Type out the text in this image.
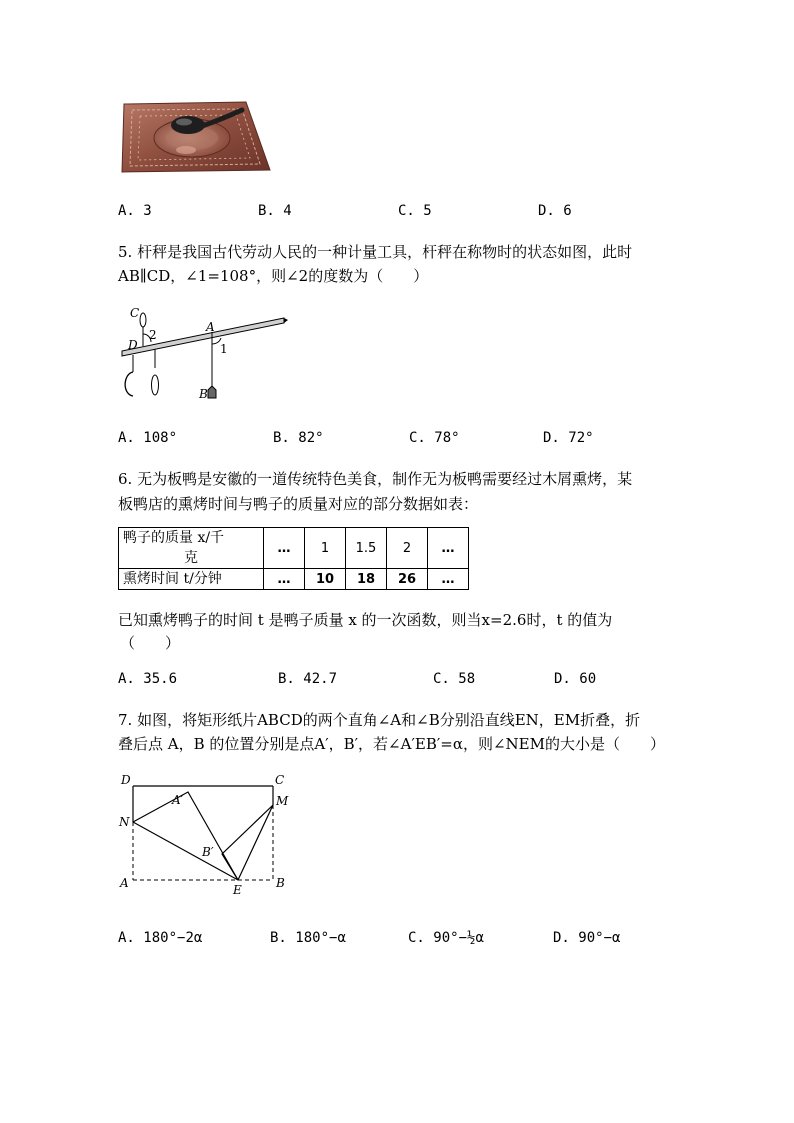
A. 3	B. 4	C. 5	D. 6
5. 杆秤是我国古代劳动人民的一种计量工具，杆秤在称物时的状态如图，此时
AB∥CD，∠1=108°，则∠2的度数为（　　）
C
D
2
A
1
B
A. 108°	B. 82°	C. 78°	D. 72°
6. 无为板鸭是安徽的一道传统特色美食，制作无为板鸭需要经过木屑熏烤，某
板鸭店的熏烤时间与鸭子的质量对应的部分数据如表：
鸭子的质量 x/千
克	…	1	1.5	2	…
熏烤时间 t/分钟	…	10	18	26	…
已知熏烤鸭子的时间 t 是鸭子质量 x 的一次函数，则当x=2.6时，t 的值为
（　　）
A. 35.6	B. 42.7	C. 58	D. 60
7. 如图，将矩形纸片ABCD的两个直角∠A和∠B分别沿直线EN，EM折叠，折
叠后点 A，B 的位置分别是点A′，B′，若∠A′EB′=α，则∠NEM的大小是（　　）
D	C
A′	M
N
B′
A	E	B
A. 180°−2α	B. 180°−α	C. 90°−½α	D. 90°−α
